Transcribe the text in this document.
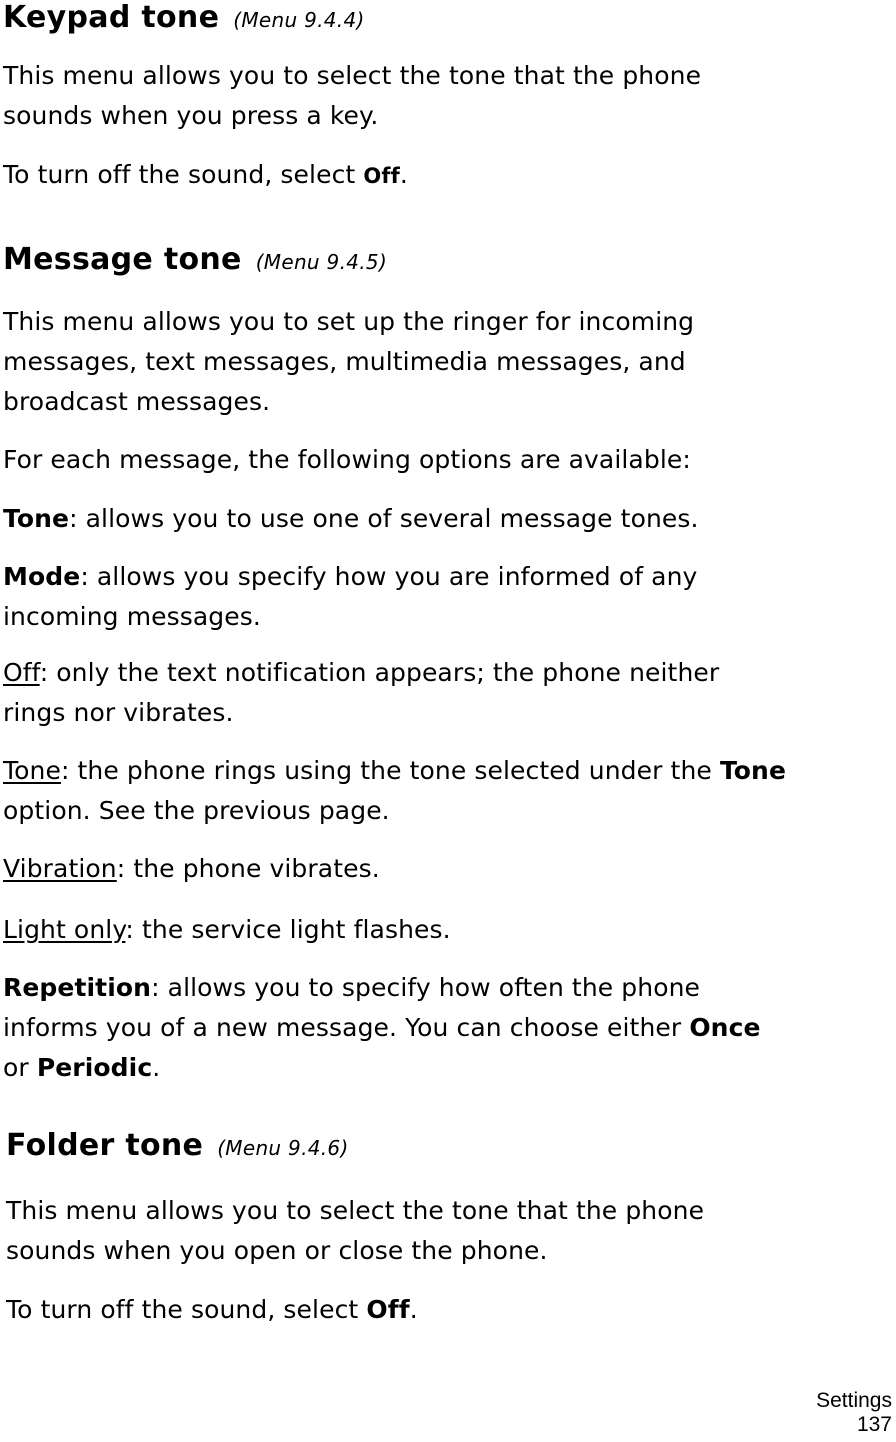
Keypad tone (Menu 9.4.4)
This menu allows you to select the tone that the phone
sounds when you press a key.
To turn off the sound, select Off.
Message tone (Menu 9.4.5)
This menu allows you to set up the ringer for incoming
messages, text messages, multimedia messages, and
broadcast messages.
For each message, the following options are available:
Tone: allows you to use one of several message tones.
Mode: allows you specify how you are informed of any
incoming messages.
Off: only the text notification appears; the phone neither
rings nor vibrates.
Tone: the phone rings using the tone selected under the Tone
option. See the previous page.
Vibration: the phone vibrates.
Light only: the service light flashes.
Repetition: allows you to specify how often the phone
informs you of a new message. You can choose either Once
or Periodic.
Folder tone (Menu 9.4.6)
This menu allows you to select the tone that the phone
sounds when you open or close the phone.
To turn off the sound, select Off.
Settings
137
